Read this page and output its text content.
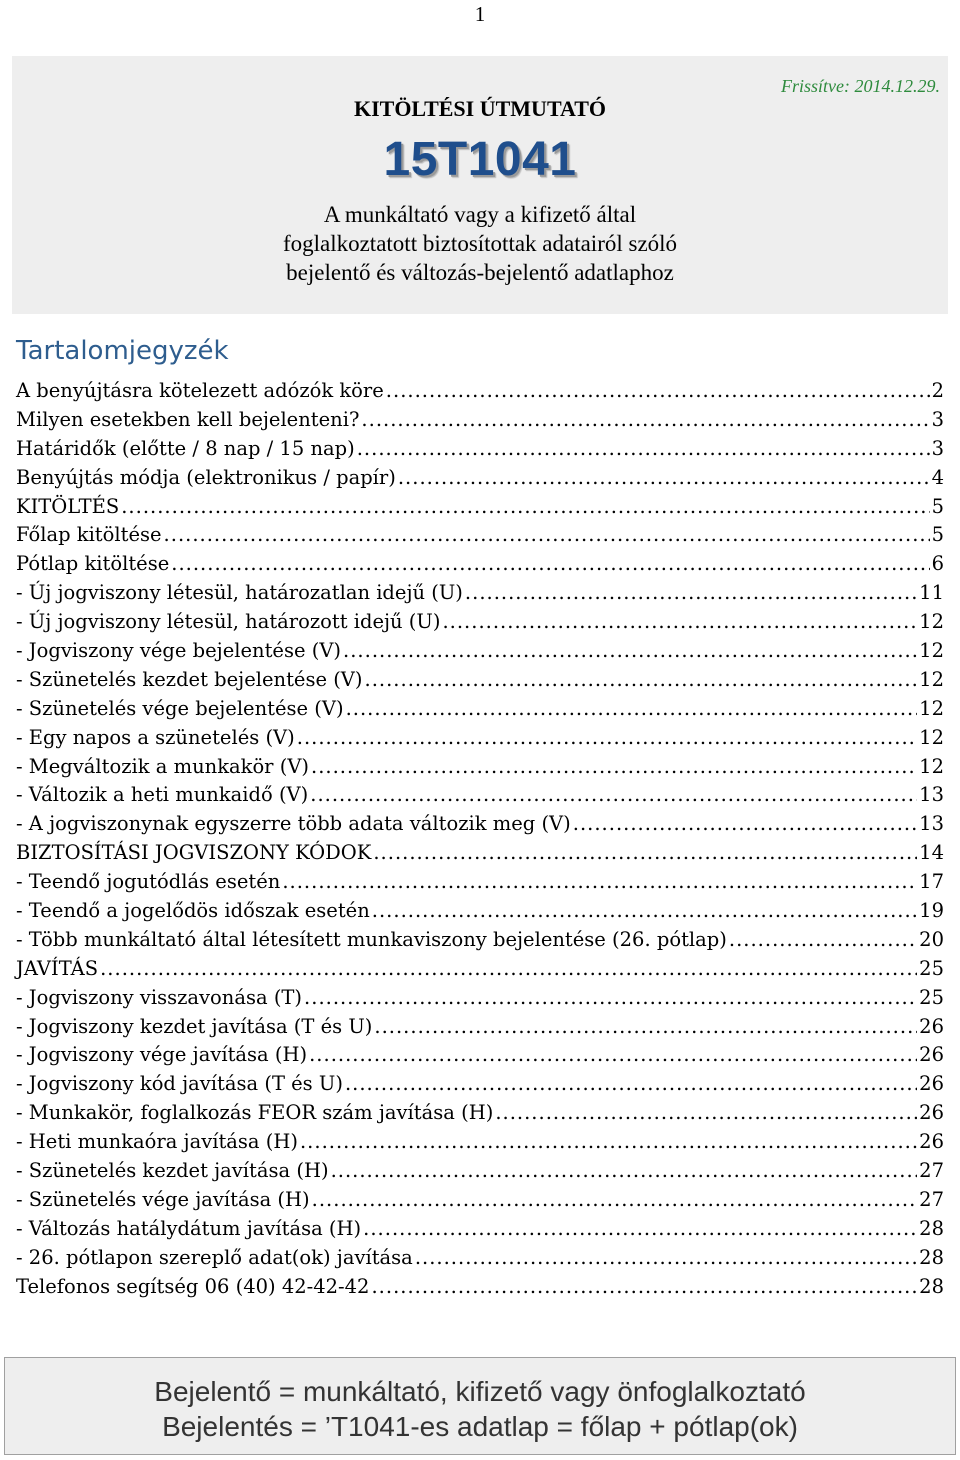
1
Frissítve: 2014.12.29.
KITÖLTÉSI ÚTMUTATÓ
15T1041
A munkáltató vagy a kifizető által
foglalkoztatott biztosítottak adatairól szóló
bejelentő és változás-bejelentő adatlaphoz
Tartalomjegyzék
A benyújtásra kötelezett adózók köre .....	2
Milyen esetekben kell bejelenteni? .....	3
Határidők (előtte / 8 nap / 15 nap) .....	3
Benyújtás módja (elektronikus / papír) .....	4
KITÖLTÉS .....	5
Főlap kitöltése .....	5
Pótlap kitöltése .....	6
- Új jogviszony létesül, határozatlan idejű (U) .....	11
- Új jogviszony létesül, határozott idejű (U) .....	12
- Jogviszony vége bejelentése (V) .....	12
- Szünetelés kezdet bejelentése (V) .....	12
- Szünetelés vége bejelentése (V) .....	12
- Egy napos a szünetelés (V) .....	12
- Megváltozik a munkakör (V) .....	12
- Változik a heti munkaidő (V) .....	13
- A jogviszonynak egyszerre több adata változik meg (V) .....	13
BIZTOSÍTÁSI JOGVISZONY KÓDOK .....	14
- Teendő jogutódlás esetén .....	17
- Teendő a jogelődös időszak esetén .....	19
- Több munkáltató által létesített munkaviszony bejelentése (26. pótlap) .....	20
JAVÍTÁS .....	25
- Jogviszony visszavonása (T) .....	25
- Jogviszony kezdet javítása (T és U) .....	26
- Jogviszony vége javítása (H) .....	26
- Jogviszony kód javítása (T és U) .....	26
- Munkakör, foglalkozás FEOR szám javítása (H) .....	26
- Heti munkaóra javítása (H) .....	26
- Szünetelés kezdet javítása (H) .....	27
- Szünetelés vége javítása (H) .....	27
- Változás hatálydátum javítása (H) .....	28
- 26. pótlapon szereplő adat(ok) javítása .....	28
Telefonos segítség 06 (40) 42-42-42 .....	28
Bejelentő = munkáltató, kifizető vagy önfoglalkoztató
Bejelentés = ’T1041-es adatlap = főlap + pótlap(ok)
